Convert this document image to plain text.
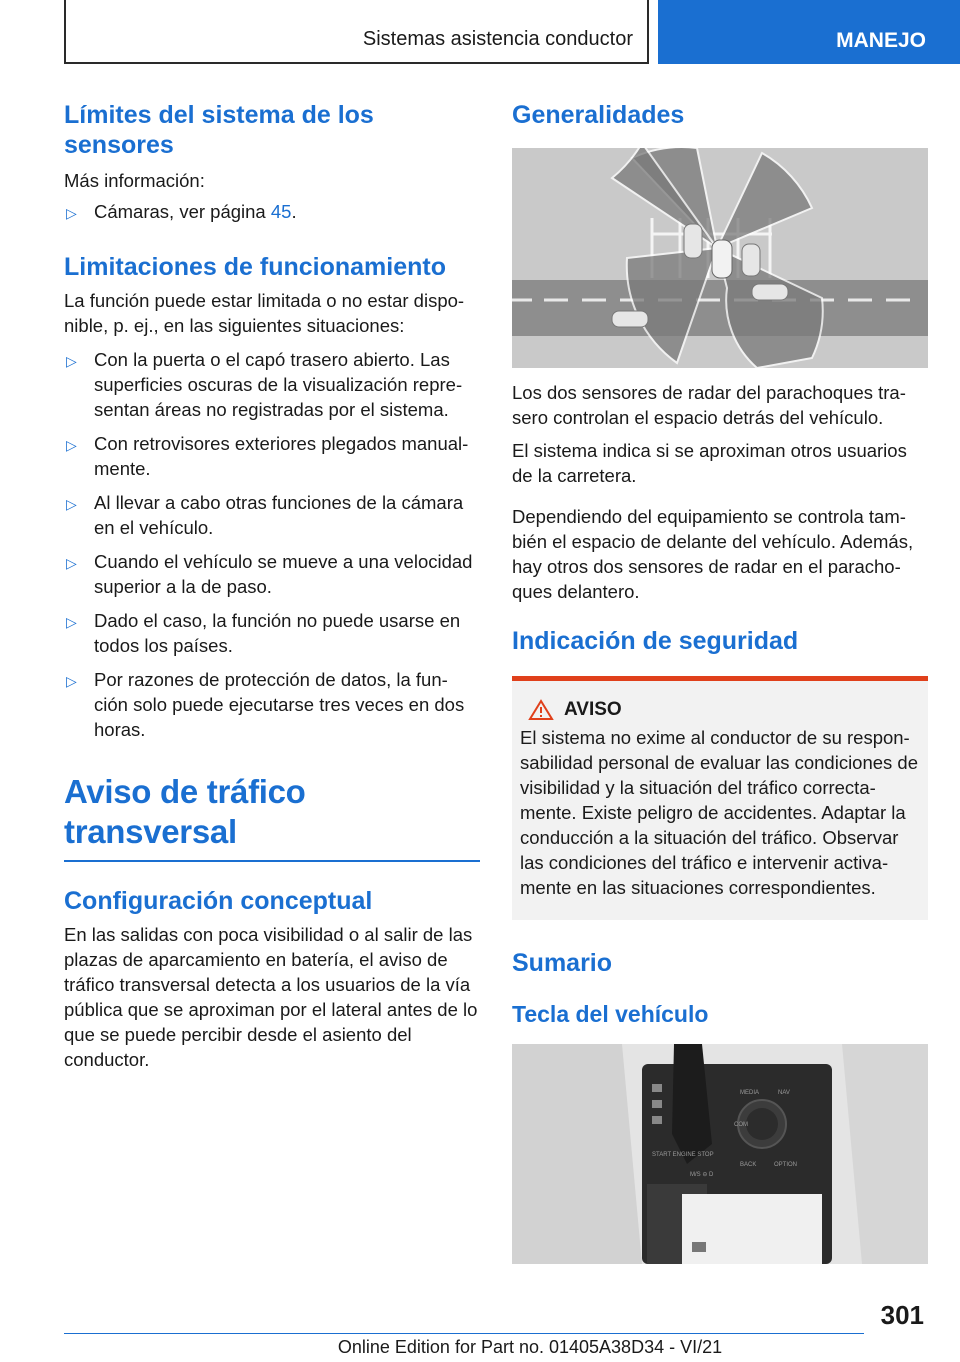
Sistemas asistencia conductor	MANEJO
Límites del sistema de los sensores

Más información:

▷ Cámaras, ver página 45.
Limitaciones de funcionamiento

La función puede estar limitada o no estar dispo- nible, p. ej., en las siguientes situaciones:

▷ Con la puerta o el capó trasero abierto. Las superficies oscuras de la visualización repre- sentan áreas no registradas por el sistema.
▷ Con retrovisores exteriores plegados manual- mente.
▷ Al llevar a cabo otras funciones de la cámara en el vehículo.
▷ Cuando el vehículo se mueve a una velocidad superior a la de paso.
▷ Dado el caso, la función no puede usarse en todos los países.
▷ Por razones de protección de datos, la fun- ción solo puede ejecutarse tres veces en dos horas.
Aviso de tráfico transversal
Configuración conceptual

En las salidas con poca visibilidad o al salir de las plazas de aparcamiento en batería, el aviso de tráfico transversal detecta a los usuarios de la vía pública que se aproximan por el lateral antes de lo que se puede percibir desde el asiento del conductor.

Generalidades

Los dos sensores de radar del parachoques tra- sero controlan el espacio detrás del vehículo.

El sistema indica si se aproximan otros usuarios de la carretera.

Dependiendo del equipamiento se controla tam- bién el espacio de delante del vehículo. Además, hay otros dos sensores de radar en el paracho- ques delantero.

Indicación de seguridad
AVISO

El sistema no exime al conductor de su respon- sabilidad personal de evaluar las condiciones de visibilidad y la situación del tráfico correcta- mente. Existe peligro de accidentes. Adaptar la conducción a la situación del tráfico. Observar las condiciones del tráfico e intervenir activa- mente en las situaciones correspondientes.

Sumario
Tecla del vehículo
MEDIA	NAV
COM
BACK	OPTION
START ENGINE STOP
M/S ⊖ D
301
Online Edition for Part no. 01405A38D34 - VI/21
